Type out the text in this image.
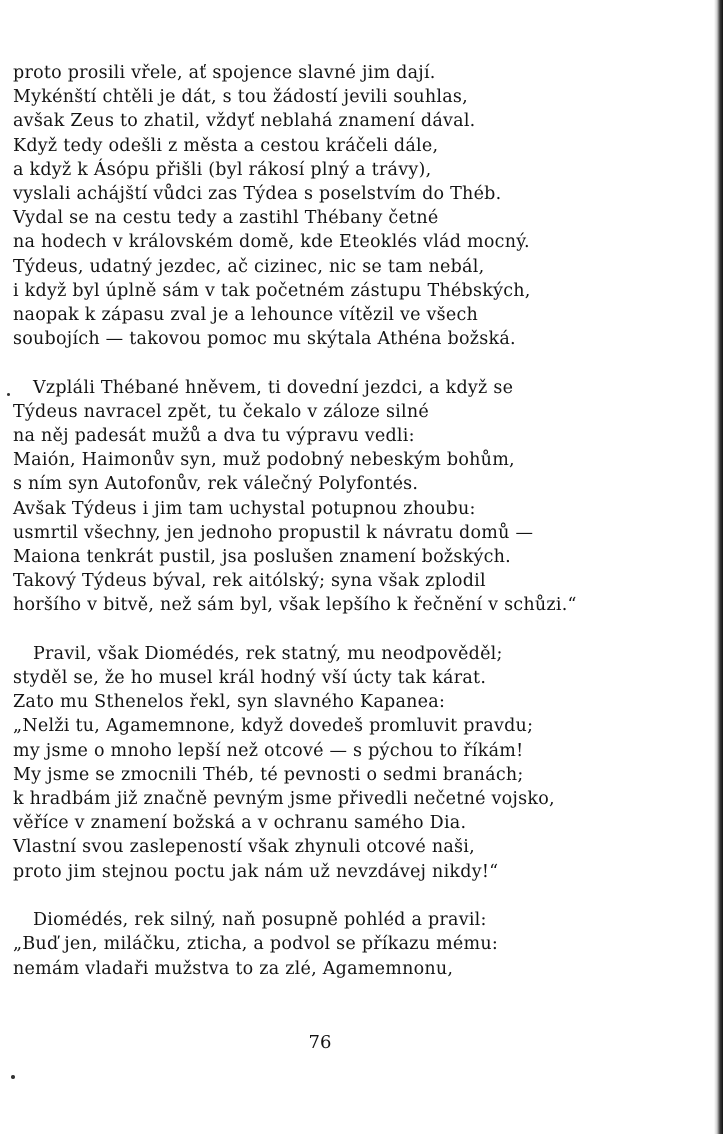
proto prosili vřele, ať spojence slavné jim dají.
Mykénští chtěli je dát, s tou žádostí jevili souhlas,
avšak Zeus to zhatil, vždyť neblahá znamení dával.
Když tedy odešli z města a cestou kráčeli dále,
a když k Ásópu přišli (byl rákosí plný a trávy),
vyslali achájští vůdci zas Týdea s poselstvím do Théb.
Vydal se na cestu tedy a zastihl Thébany četné
na hodech v královském domě, kde Eteoklés vlád mocný.
Týdeus, udatný jezdec, ač cizinec, nic se tam nebál,
i když byl úplně sám v tak početném zástupu Thébských,
naopak k zápasu zval je a lehounce vítězil ve všech
soubojích — takovou pomoc mu skýtala Athéna božská.
Vzpláli Thébané hněvem, ti dovední jezdci, a když se
Týdeus navracel zpět, tu čekalo v záloze silné
na něj padesát mužů a dva tu výpravu vedli:
Maión, Haimonův syn, muž podobný nebeským bohům,
s ním syn Autofonův, rek válečný Polyfontés.
Avšak Týdeus i jim tam uchystal potupnou zhoubu:
usmrtil všechny, jen jednoho propustil k návratu domů —
Maiona tenkrát pustil, jsa poslušen znamení božských.
Takový Týdeus býval, rek aitólský; syna však zplodil
horšího v bitvě, než sám byl, však lepšího k řečnění v schůzi.“
Pravil, však Diomédés, rek statný, mu neodpověděl;
styděl se, že ho musel král hodný vší úcty tak kárat.
Zato mu Sthenelos řekl, syn slavného Kapanea:
„Nelži tu, Agamemnone, když dovedeš promluvit pravdu;
my jsme o mnoho lepší než otcové — s pýchou to říkám!
My jsme se zmocnili Théb, té pevnosti o sedmi branách;
k hradbám již značně pevným jsme přivedli nečetné vojsko,
věříce v znamení božská a v ochranu samého Dia.
Vlastní svou zaslepeností však zhynuli otcové naši,
proto jim stejnou poctu jak nám už nevzdávej nikdy!“
Diomédés, rek silný, naň posupně pohléd a pravil:
„Buď jen, miláčku, zticha, a podvol se příkazu mému:
nemám vladaři mužstva to za zlé, Agamemnonu,
76
